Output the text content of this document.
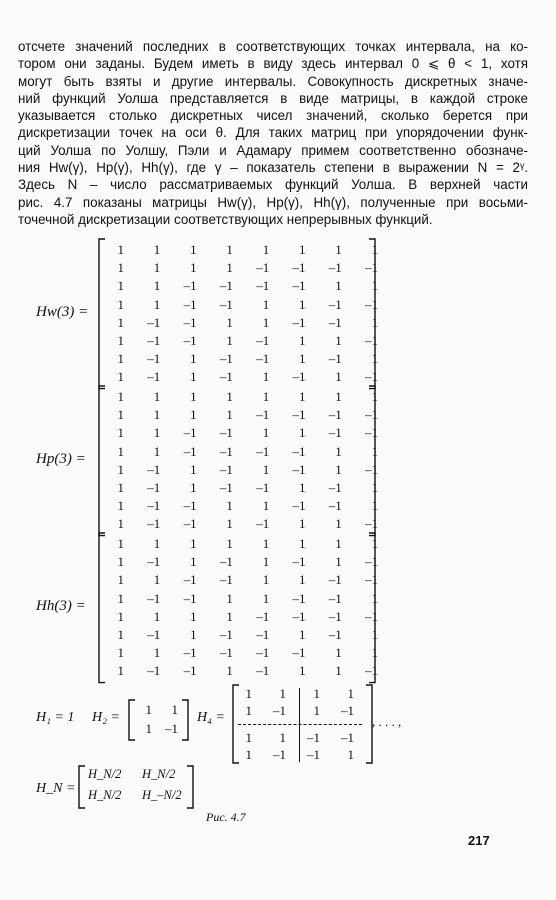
отсчете значений последних в соответствующих точках интервала, на ко-
тором они заданы. Будем иметь в виду здесь интервал 0 ⩽ θ < 1, хотя
могут быть взяты и другие интервалы. Совокупность дискретных значе-
ний функций Уолша представляется в виде матрицы, в каждой строке
указывается столько дискретных чисел значений, сколько берется при
дискретизации точек на оси θ. Для таких матриц при упорядочении функ-
ций Уолша по Уолшу, Пэли и Адамару примем соответственно обозначе-
ния Hw(γ), Hp(γ), Hh(γ), где γ – показатель степени в выражении N = 2ᵞ.
Здесь N – число рассматриваемых функций Уолша. В верхней части
рис. 4.7 показаны матрицы Hw(γ), Hp(γ), Hh(γ), полученные при восьми-
точечной дискретизации соответствующих непрерывных функций.
Hw(3) =
1	1	1	1	1	1	1	1
1	1	1	1	–1	–1	–1	–1
1	1	–1	–1	–1	–1	1	1
1	1	–1	–1	1	1	–1	–1
1	–1	–1	1	1	–1	–1	1
1	–1	–1	1	–1	1	1	–1
1	–1	1	–1	–1	1	–1	1
1	–1	1	–1	1	–1	1	–1
Hp(3) =
1	1	1	1	1	1	1	1
1	1	1	1	–1	–1	–1	–1
1	1	–1	–1	1	1	–1	–1
1	1	–1	–1	–1	–1	1	1
1	–1	1	–1	1	–1	1	–1
1	–1	1	–1	–1	1	–1	1
1	–1	–1	1	1	–1	–1	1
1	–1	–1	1	–1	1	1	–1
Hh(3) =
1	1	1	1	1	1	1	1
1	–1	1	–1	1	–1	1	–1
1	1	–1	–1	1	1	–1	–1
1	–1	–1	1	1	–1	–1	1
1	1	1	1	–1	–1	–1	–1
1	–1	1	–1	–1	1	–1	1
1	1	–1	–1	–1	–1	1	1
1	–1	–1	1	–1	1	1	–1
H₁ = 1 H₂ =
1	1
1	–1
H₄ =
1	1	1	1
1	–1	1	–1
1	1	–1	–1
1	–1	–1	1
, . . . ,
H_N =
H_N/2 H_N/2
H_N/2 H_–N/2
Рис. 4.7
217
